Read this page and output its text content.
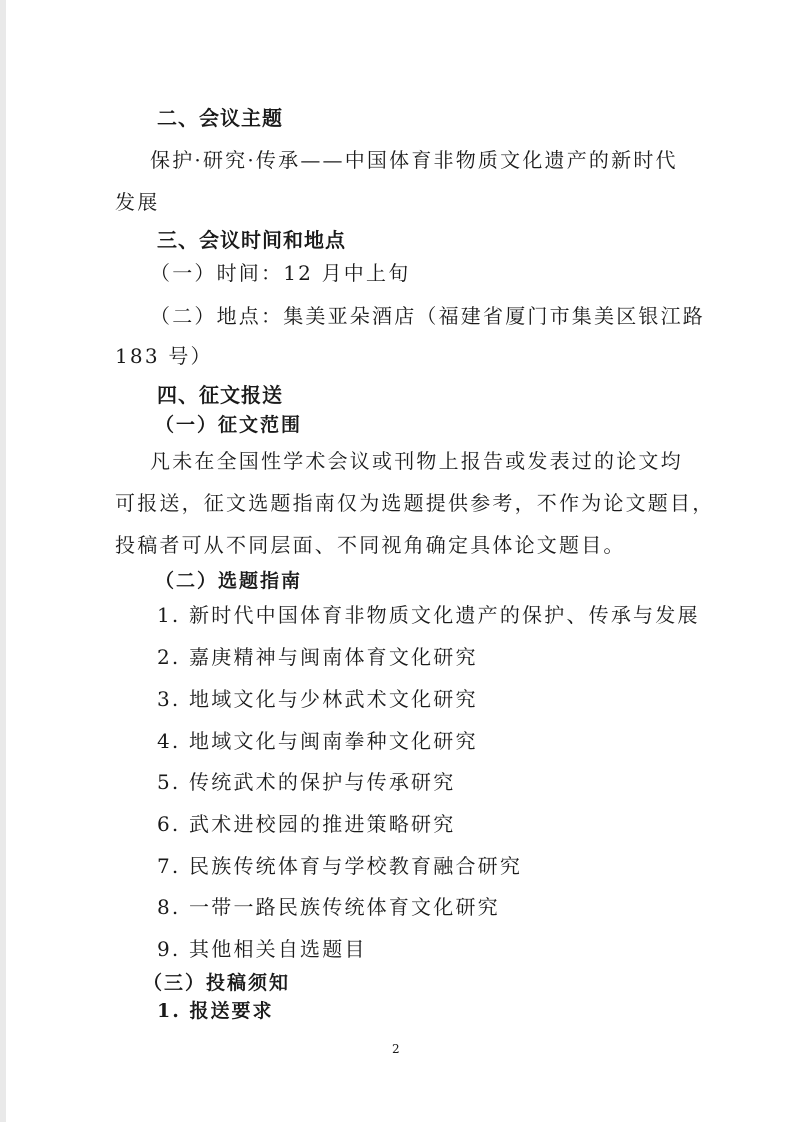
二、会议主题
保护·研究·传承——中国体育非物质文化遗产的新时代
发展
三、会议时间和地点
（一）时间：12 月中上旬
（二）地点：集美亚朵酒店（福建省厦门市集美区银江路
183 号）
四、征文报送
（一）征文范围
凡未在全国性学术会议或刊物上报告或发表过的论文均
可报送，征文选题指南仅为选题提供参考，不作为论文题目，
投稿者可从不同层面、不同视角确定具体论文题目。
（二）选题指南
1. 新时代中国体育非物质文化遗产的保护、传承与发展
2. 嘉庚精神与闽南体育文化研究
3. 地域文化与少林武术文化研究
4. 地域文化与闽南拳种文化研究
5. 传统武术的保护与传承研究
6. 武术进校园的推进策略研究
7. 民族传统体育与学校教育融合研究
8. 一带一路民族传统体育文化研究
9. 其他相关自选题目
（三）投稿须知
1. 报送要求
2
